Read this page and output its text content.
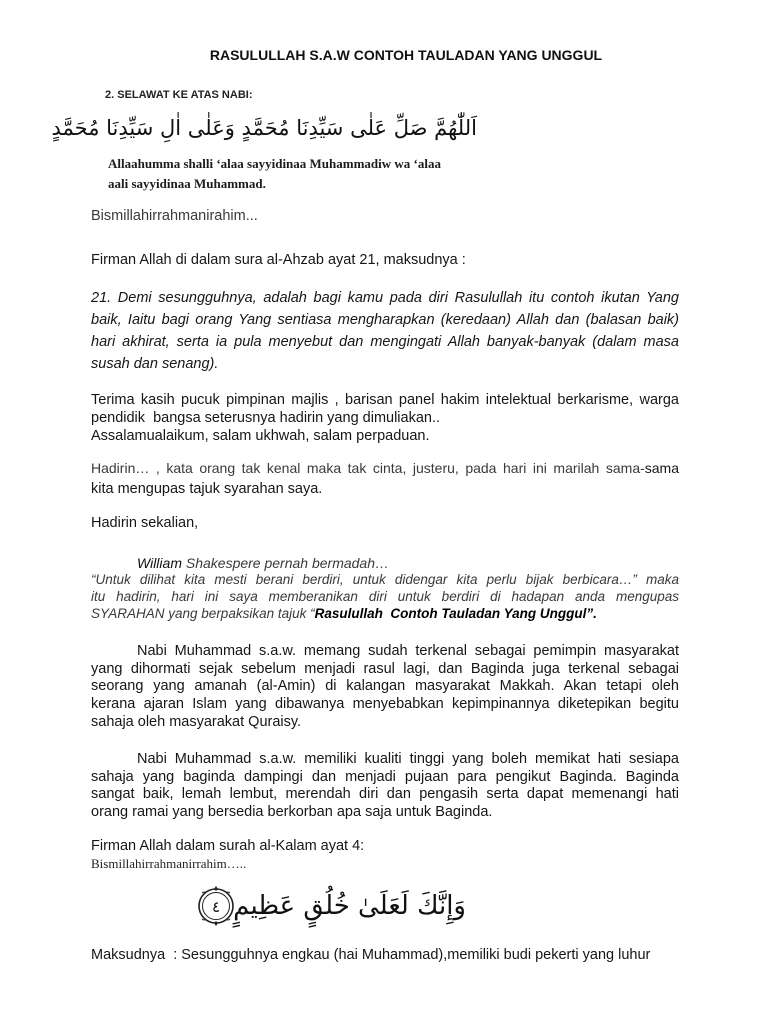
RASULULLAH S.A.W CONTOH TAULADAN YANG UNGGUL
2. SELAWAT KE ATAS NABI:
اَللّٰهُمَّ صَلِّ عَلٰى سَيِّدِنَا مُحَمَّدٍ وَعَلٰى اٰلِ سَيِّدِنَا مُحَمَّدٍ
Allaahumma shalli ‘alaa sayyidinaa Muhammadiw wa ‘alaa
aali sayyidinaa Muhammad.
Bismillahirrahmanirahim...
Firman Allah di dalam sura al-Ahzab ayat 21, maksudnya :
21. Demi sesungguhnya, adalah bagi kamu pada diri Rasulullah itu contoh ikutan Yang
baik, Iaitu bagi orang Yang sentiasa mengharapkan (keredaan) Allah dan (balasan baik)
hari akhirat, serta ia pula menyebut dan mengingati Allah banyak-banyak (dalam masa
susah dan senang).
Terima kasih pucuk pimpinan majlis , barisan panel hakim intelektual berkarisme, warga
pendidik  bangsa seterusnya hadirin yang dimuliakan..
Assalamualaikum, salam ukhwah, salam perpaduan.
Hadirin… , kata orang tak kenal maka tak cinta, justeru, pada hari ini marilah sama-sama
kita mengupas tajuk syarahan saya.
Hadirin sekalian,
William Shakespere pernah bermadah…
“Untuk dilihat kita mesti berani berdiri, untuk didengar kita perlu bijak berbicara…” maka
itu hadirin, hari ini saya memberanikan diri untuk berdiri di hadapan anda mengupas
SYARAHAN yang berpaksikan tajuk “Rasulullah  Contoh Tauladan Yang Unggul”.
Nabi Muhammad s.a.w. memang sudah terkenal sebagai pemimpin masyarakat
yang dihormati sejak sebelum menjadi rasul lagi, dan Baginda juga terkenal sebagai
seorang yang amanah (al-Amin) di kalangan masyarakat Makkah. Akan tetapi oleh
kerana ajaran Islam yang dibawanya menyebabkan kepimpinannya diketepikan begitu
sahaja oleh masyarakat Quraisy.
Nabi Muhammad s.a.w. memiliki kualiti tinggi yang boleh memikat hati sesiapa
sahaja yang baginda dampingi dan menjadi pujaan para pengikut Baginda. Baginda
sangat baik, lemah lembut, merendah diri dan pengasih serta dapat memenangi hati
orang ramai yang bersedia berkorban apa saja untuk Baginda.
Firman Allah dalam surah al-Kalam ayat 4:
Bismillahirrahmanirrahim…..
٤ وَإِنَّكَ لَعَلَىٰ خُلُقٍ عَظِيمٍ
Maksudnya  : Sesungguhnya engkau (hai Muhammad),memiliki budi pekerti yang luhur
